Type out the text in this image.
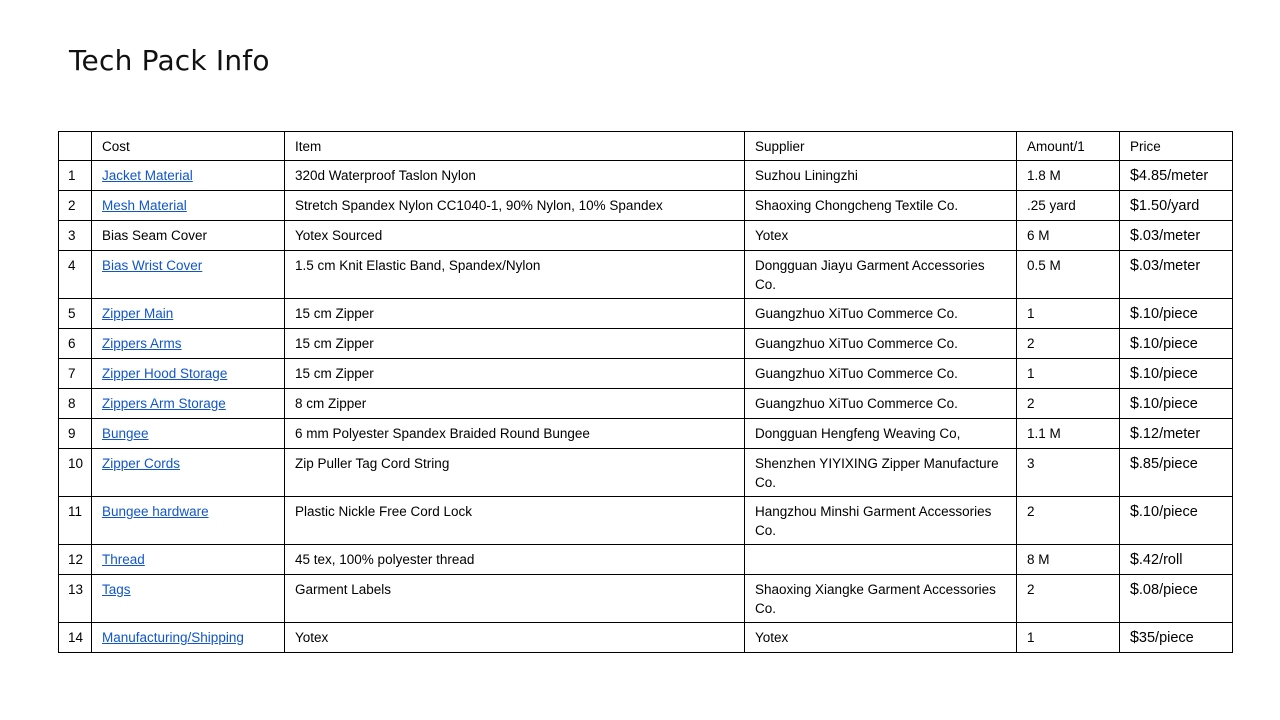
Tech Pack Info
	Cost	Item	Supplier	Amount/1	Price
1	Jacket Material	320d Waterproof Taslon Nylon	Suzhou Liningzhi	1.8 M	$4.85/meter
2	Mesh Material	Stretch Spandex Nylon CC1040-1, 90% Nylon, 10% Spandex	Shaoxing Chongcheng Textile Co.	.25 yard	$1.50/yard
3	Bias Seam Cover	Yotex Sourced	Yotex	6 M	$.03/meter
4	Bias Wrist Cover	1.5 cm Knit Elastic Band, Spandex/Nylon	Dongguan Jiayu Garment Accessories Co.	0.5 M	$.03/meter
5	Zipper Main	15 cm Zipper	Guangzhuo XiTuo Commerce Co.	1	$.10/piece
6	Zippers Arms	15 cm Zipper	Guangzhuo XiTuo Commerce Co.	2	$.10/piece
7	Zipper Hood Storage	15 cm Zipper	Guangzhuo XiTuo Commerce Co.	1	$.10/piece
8	Zippers Arm Storage	8 cm Zipper	Guangzhuo XiTuo Commerce Co.	2	$.10/piece
9	Bungee	6 mm Polyester Spandex Braided Round Bungee	Dongguan Hengfeng Weaving Co,	1.1 M	$.12/meter
10	Zipper Cords	Zip Puller Tag Cord String	Shenzhen YIYIXING Zipper Manufacture Co.	3	$.85/piece
11	Bungee hardware	Plastic Nickle Free Cord Lock	Hangzhou Minshi Garment Accessories Co.	2	$.10/piece
12	Thread	45 tex, 100% polyester thread		8 M	$.42/roll
13	Tags	Garment Labels	Shaoxing Xiangke Garment Accessories Co.	2	$.08/piece
14	Manufacturing/Shipping	Yotex	Yotex	1	$35/piece
